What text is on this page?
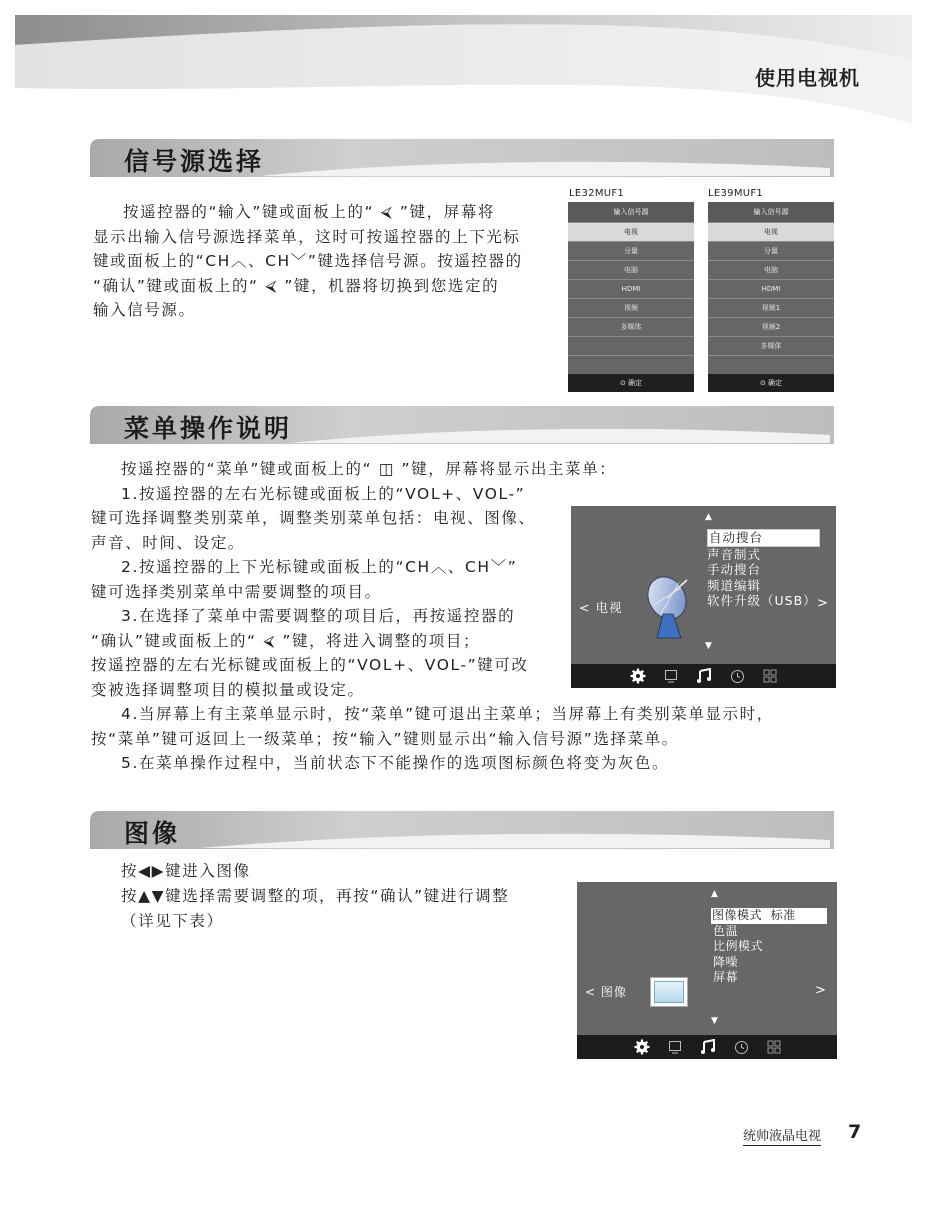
使用电视机
信号源选择

按遥控器的“输入”键或面板上的“ ⮘ ”键，屏幕将

显示出输入信号源选择菜单，这时可按遥控器的上下光标

键或面板上的“CH︿、CH﹀”键选择信号源。按遥控器的

“确认”键或面板上的“ ⮘ ”键，机器将切换到您选定的

输入信号源。

LE32MUF1
输入信号源
电视
分量
电脑
HDMI
视频
多媒体
⊙ 确定
LE39MUF1
输入信号源
电视
分量
电脑
HDMI
视频1
视频2
多媒体
⊙ 确定
菜单操作说明

按遥控器的“菜单”键或面板上的“ ◫ ”键，屏幕将显示出主菜单：

1.按遥控器的左右光标键或面板上的“VOL+、VOL-”

键可选择调整类别菜单，调整类别菜单包括：电视、图像、

声音、时间、设定。

2.按遥控器的上下光标键或面板上的“CH︿、CH﹀”

键可选择类别菜单中需要调整的项目。

3.在选择了菜单中需要调整的项目后，再按遥控器的

“确认”键或面板上的“ ⮘ ”键，将进入调整的项目；

按遥控器的左右光标键或面板上的“VOL+、VOL-”键可改

变被选择调整项目的模拟量或设定。

4.当屏幕上有主菜单显示时，按“菜单”键可退出主菜单；当屏幕上有类别菜单显示时，

按“菜单”键可返回上一级菜单；按“输入”键则显示出“输入信号源”选择菜单。

5.在菜单操作过程中，当前状态下不能操作的选项图标颜色将变为灰色。

▲
自动搜台
声音制式
手动搜台
频道编辑
软件升级（USB） >
< 电视
▼
图像

按◀▶键进入图像

按▲▼键选择需要调整的项，再按“确认”键进行调整

（详见下表）

▲
图像模式  标准
色温
比例模式
降噪
屏幕
< 图像	>
▼
统帅液晶电视 7
